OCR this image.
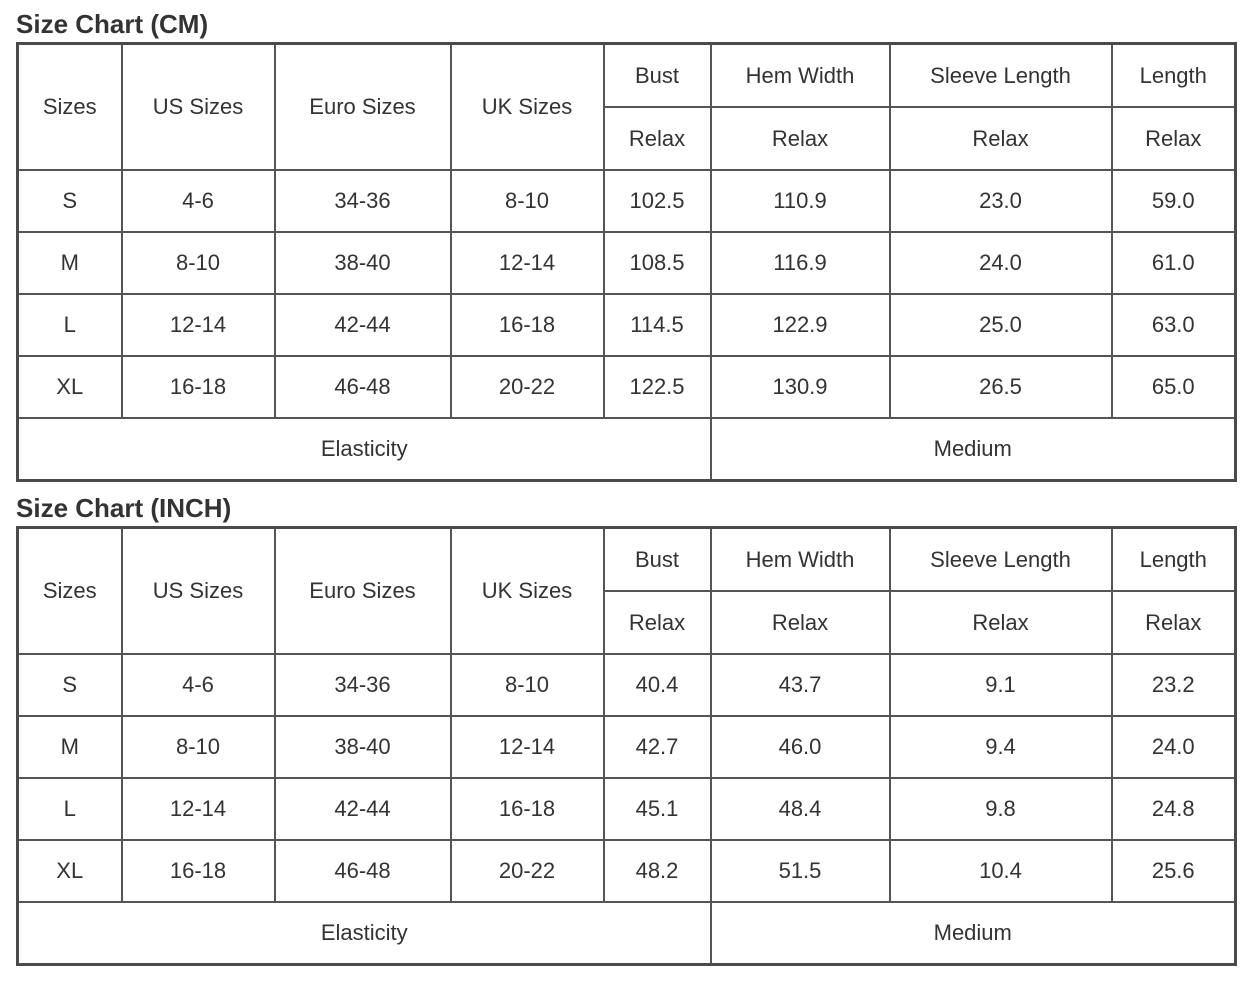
Size Chart (CM)
Sizes	US Sizes	Euro Sizes	UK Sizes	Bust	Hem Width	Sleeve Length	Length
				Relax	Relax	Relax	Relax
S	4-6	34-36	8-10	102.5	110.9	23.0	59.0
M	8-10	38-40	12-14	108.5	116.9	24.0	61.0
L	12-14	42-44	16-18	114.5	122.9	25.0	63.0
XL	16-18	46-48	20-22	122.5	130.9	26.5	65.0
Elasticity					Medium		
Size Chart (INCH)
Sizes	US Sizes	Euro Sizes	UK Sizes	Bust	Hem Width	Sleeve Length	Length
				Relax	Relax	Relax	Relax
S	4-6	34-36	8-10	40.4	43.7	9.1	23.2
M	8-10	38-40	12-14	42.7	46.0	9.4	24.0
L	12-14	42-44	16-18	45.1	48.4	9.8	24.8
XL	16-18	46-48	20-22	48.2	51.5	10.4	25.6
Elasticity					Medium		
